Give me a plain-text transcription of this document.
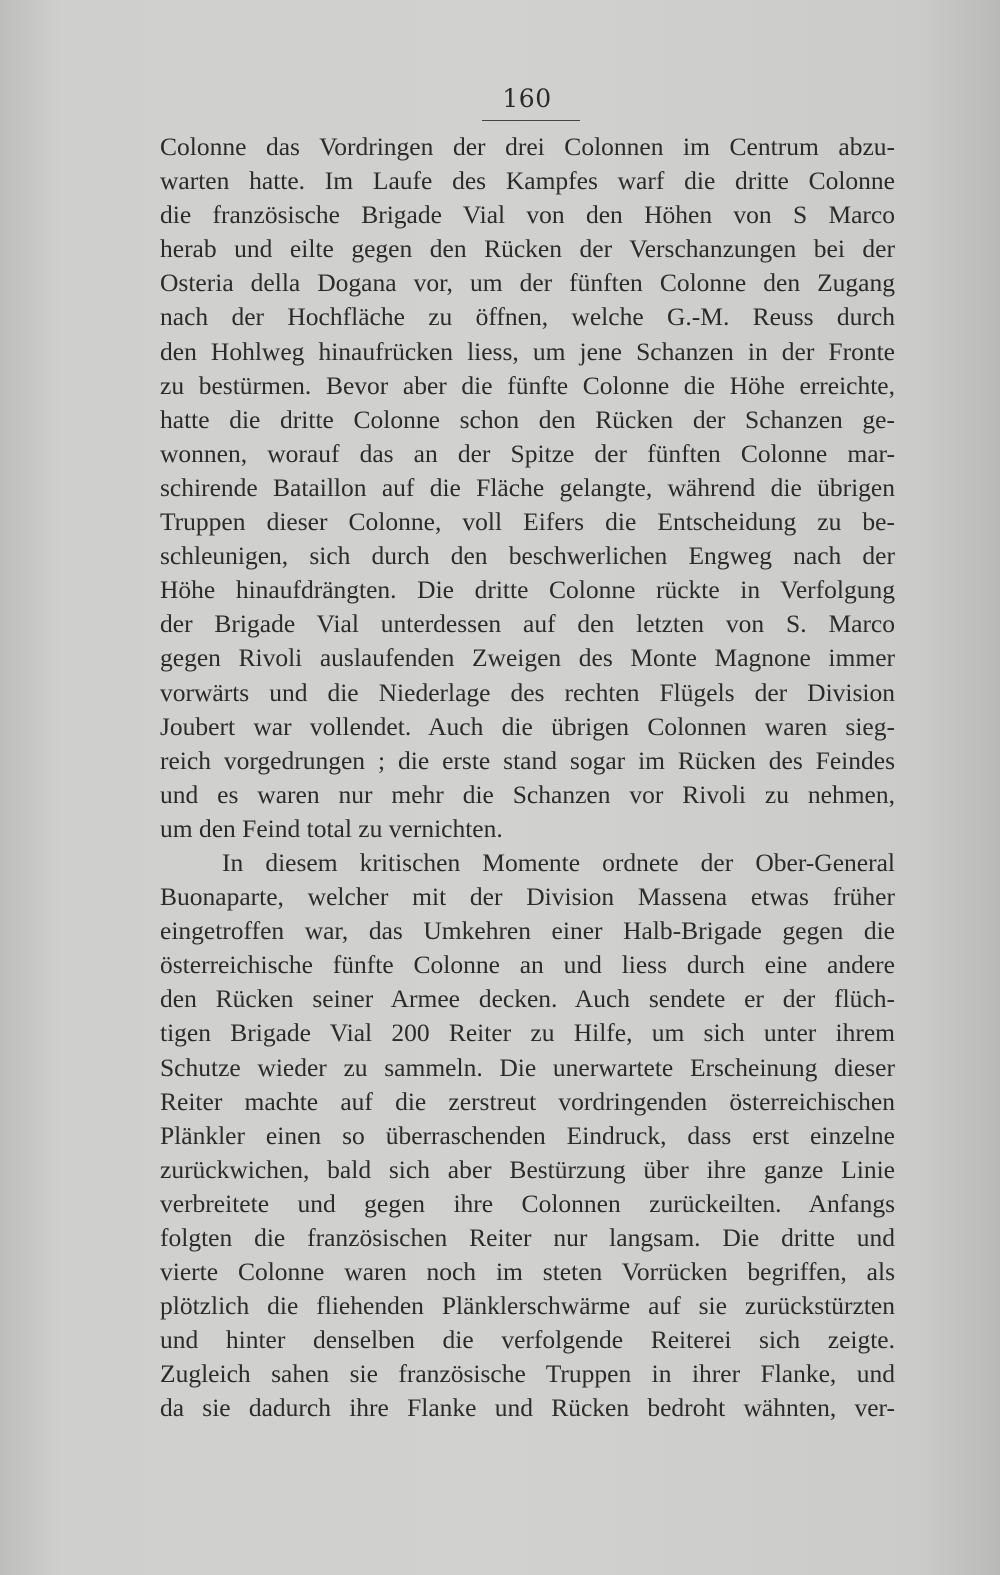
160
Colonne das Vordringen der drei Colonnen im Centrum abzu-
warten hatte. Im Laufe des Kampfes warf die dritte Colonne
die französische Brigade Vial von den Höhen von S Marco
herab und eilte gegen den Rücken der Verschanzungen bei der
Osteria della Dogana vor, um der fünften Colonne den Zugang
nach der Hochfläche zu öffnen, welche G.-M. Reuss durch
den Hohlweg hinaufrücken liess, um jene Schanzen in der Fronte
zu bestürmen. Bevor aber die fünfte Colonne die Höhe erreichte,
hatte die dritte Colonne schon den Rücken der Schanzen ge-
wonnen, worauf das an der Spitze der fünften Colonne mar-
schirende Bataillon auf die Fläche gelangte, während die übrigen
Truppen dieser Colonne, voll Eifers die Entscheidung zu be-
schleunigen, sich durch den beschwerlichen Engweg nach der
Höhe hinaufdrängten. Die dritte Colonne rückte in Verfolgung
der Brigade Vial unterdessen auf den letzten von S. Marco
gegen Rivoli auslaufenden Zweigen des Monte Magnone immer
vorwärts und die Niederlage des rechten Flügels der Division
Joubert war vollendet. Auch die übrigen Colonnen waren sieg-
reich vorgedrungen ; die erste stand sogar im Rücken des Feindes
und es waren nur mehr die Schanzen vor Rivoli zu nehmen,
um den Feind total zu vernichten.
In diesem kritischen Momente ordnete der Ober-General
Buonaparte, welcher mit der Division Massena etwas früher
eingetroffen war, das Umkehren einer Halb-Brigade gegen die
österreichische fünfte Colonne an und liess durch eine andere
den Rücken seiner Armee decken. Auch sendete er der flüch-
tigen Brigade Vial 200 Reiter zu Hilfe, um sich unter ihrem
Schutze wieder zu sammeln. Die unerwartete Erscheinung dieser
Reiter machte auf die zerstreut vordringenden österreichischen
Plänkler einen so überraschenden Eindruck, dass erst einzelne
zurückwichen, bald sich aber Bestürzung über ihre ganze Linie
verbreitete und gegen ihre Colonnen zurückeilten. Anfangs
folgten die französischen Reiter nur langsam. Die dritte und
vierte Colonne waren noch im steten Vorrücken begriffen, als
plötzlich die fliehenden Plänklerschwärme auf sie zurückstürzten
und hinter denselben die verfolgende Reiterei sich zeigte.
Zugleich sahen sie französische Truppen in ihrer Flanke, und
da sie dadurch ihre Flanke und Rücken bedroht wähnten, ver-
